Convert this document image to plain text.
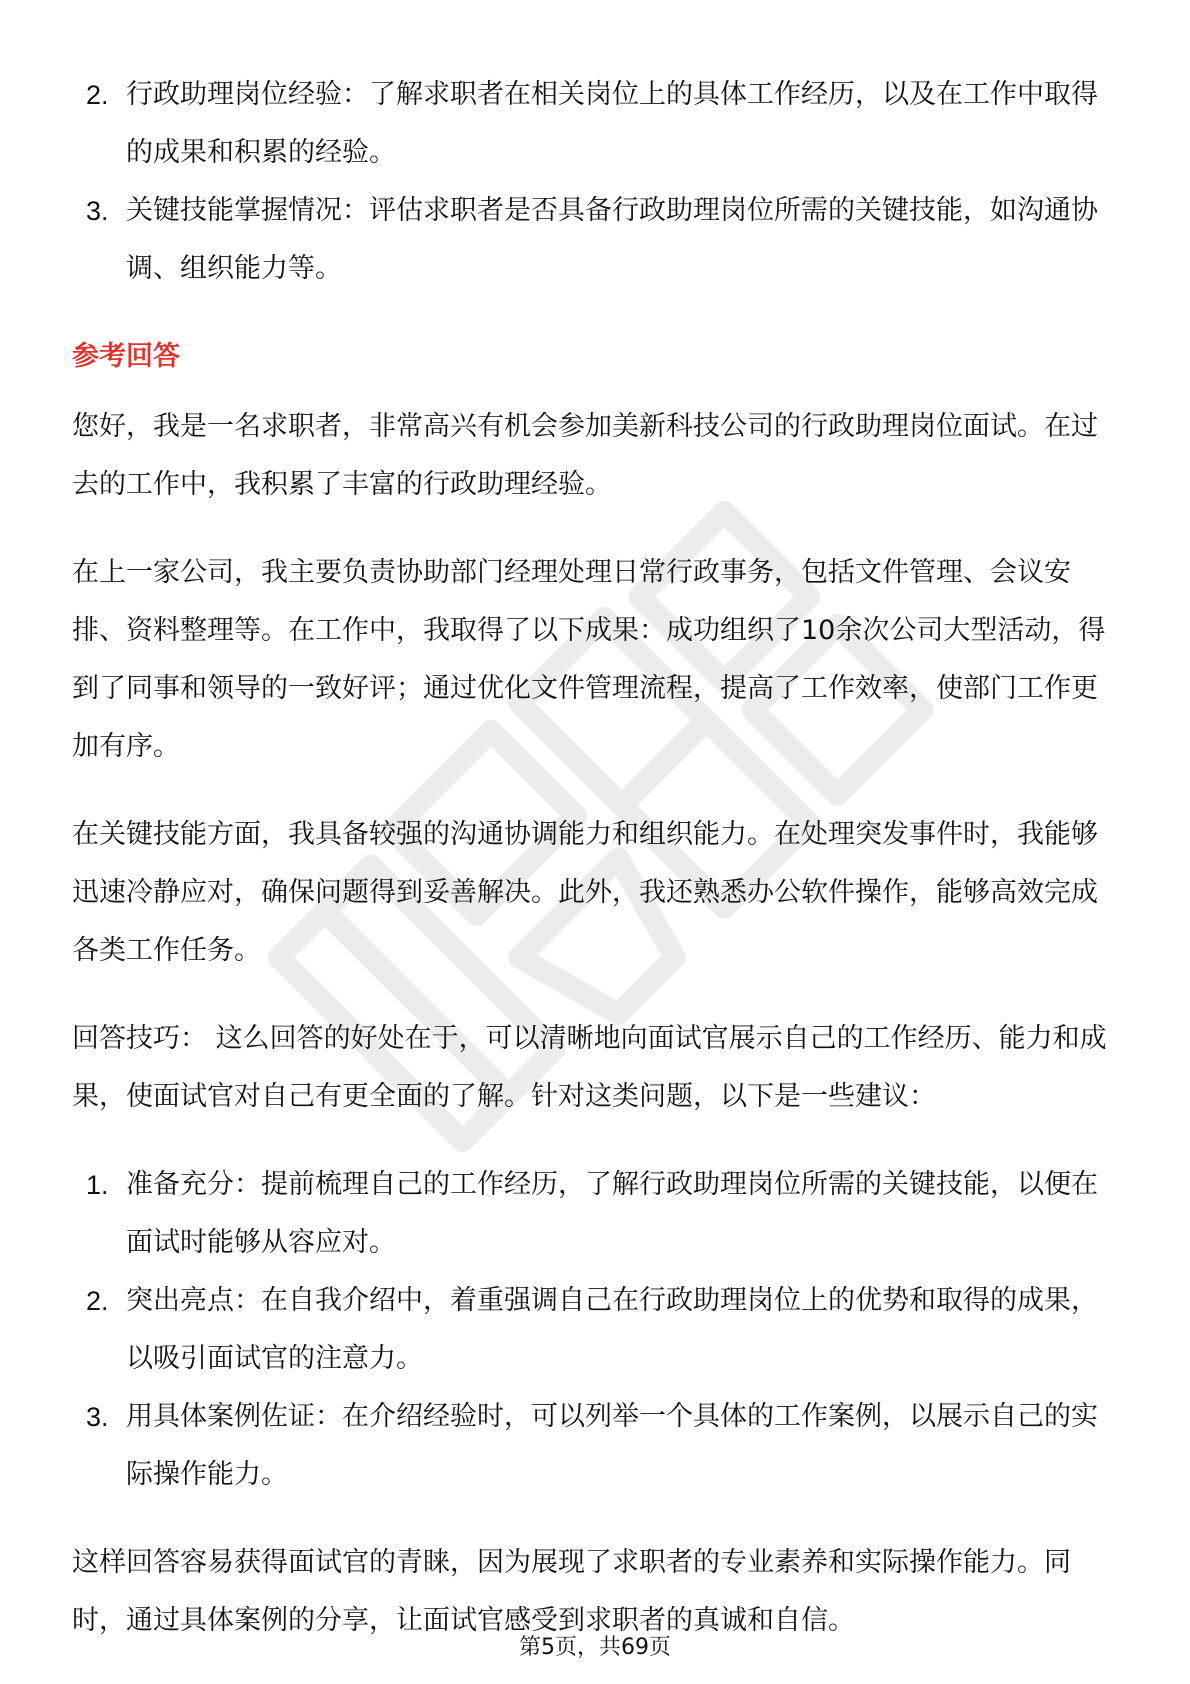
2. 行政助理岗位经验：了解求职者在相关岗位上的具体工作经历，以及在工作中取得的成果和积累的经验。
3. 关键技能掌握情况：评估求职者是否具备行政助理岗位所需的关键技能，如沟通协调、组织能力等。
参考回答

您好，我是一名求职者，非常高兴有机会参加美新科技公司的行政助理岗位面试。在过去的工作中，我积累了丰富的行政助理经验。

在上一家公司，我主要负责协助部门经理处理日常行政事务，包括文件管理、会议安排、资料整理等。在工作中，我取得了以下成果：成功组织了10余次公司大型活动，得到了同事和领导的一致好评；通过优化文件管理流程，提高了工作效率，使部门工作更加有序。

在关键技能方面，我具备较强的沟通协调能力和组织能力。在处理突发事件时，我能够迅速冷静应对，确保问题得到妥善解决。此外，我还熟悉办公软件操作，能够高效完成各类工作任务。

回答技巧： 这么回答的好处在于，可以清晰地向面试官展示自己的工作经历、能力和成果，使面试官对自己有更全面的了解。针对这类问题，以下是一些建议：

1. 准备充分：提前梳理自己的工作经历，了解行政助理岗位所需的关键技能，以便在面试时能够从容应对。
2. 突出亮点：在自我介绍中，着重强调自己在行政助理岗位上的优势和取得的成果，以吸引面试官的注意力。
3. 用具体案例佐证：在介绍经验时，可以列举一个具体的工作案例，以展示自己的实际操作能力。

这样回答容易获得面试官的青睐，因为展现了求职者的专业素养和实际操作能力。同时，通过具体案例的分享，让面试官感受到求职者的真诚和自信。

第5页，共69页
